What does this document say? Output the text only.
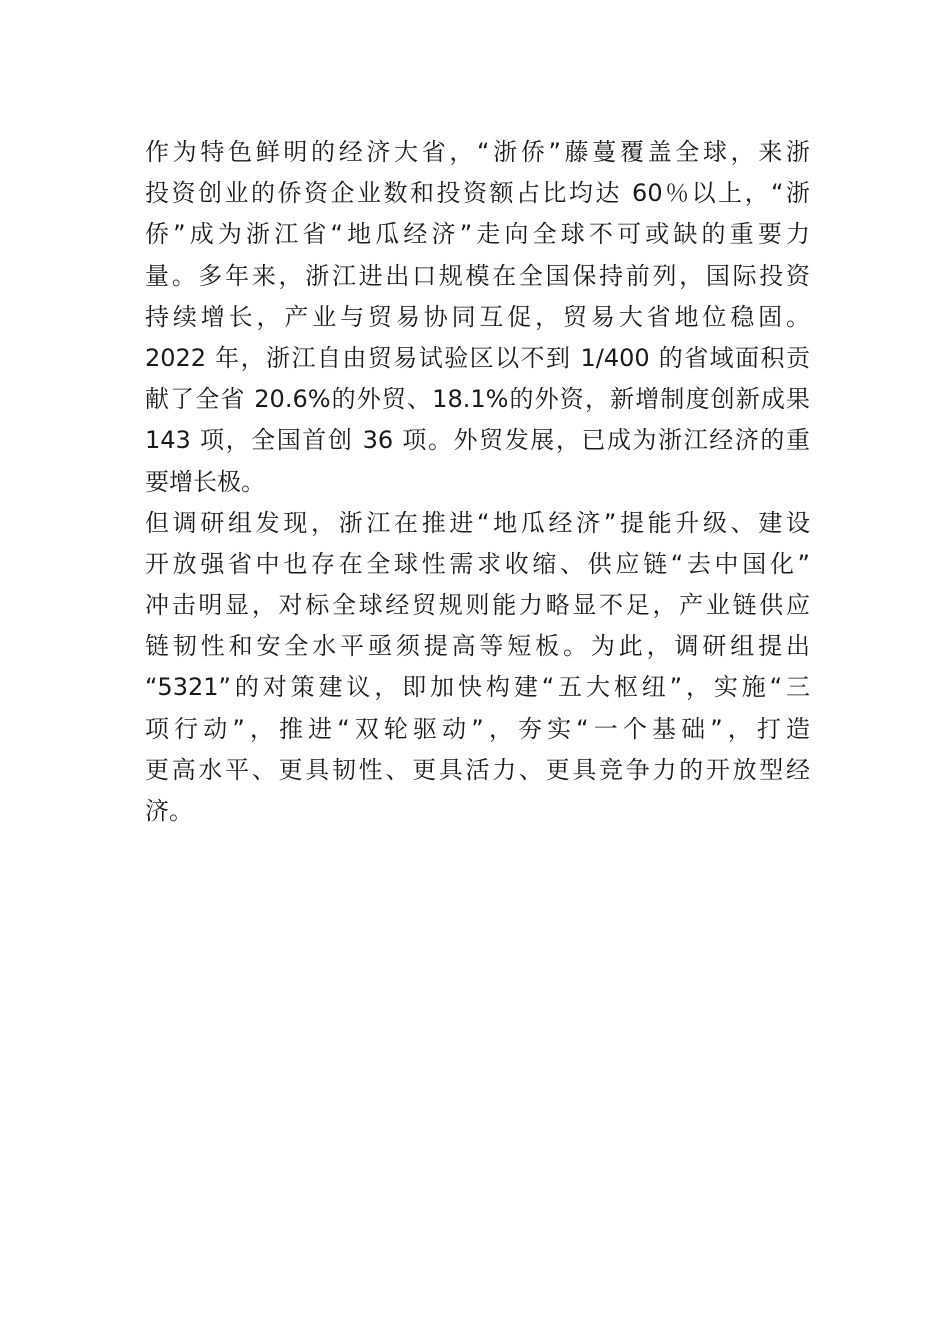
作为特色鲜明的经济大省，“浙侨”藤蔓覆盖全球，来浙
投资创业的侨资企业数和投资额占比均达 60％以上，“浙
侨”成为浙江省“地瓜经济”走向全球不可或缺的重要力
量。多年来，浙江进出口规模在全国保持前列，国际投资
持续增长，产业与贸易协同互促，贸易大省地位稳固。
2022 年，浙江自由贸易试验区以不到 1/400 的省域面积贡
献了全省 20.6%的外贸、18.1%的外资，新增制度创新成果
143 项，全国首创 36 项。外贸发展，已成为浙江经济的重
要增长极。
但调研组发现，浙江在推进“地瓜经济”提能升级、建设
开放强省中也存在全球性需求收缩、供应链“去中国化”
冲击明显，对标全球经贸规则能力略显不足，产业链供应
链韧性和安全水平亟须提高等短板。为此，调研组提出
“5321”的对策建议，即加快构建“五大枢纽”，实施“三
项行动”，推进“双轮驱动”，夯实“一个基础”，打造
更高水平、更具韧性、更具活力、更具竞争力的开放型经
济。
